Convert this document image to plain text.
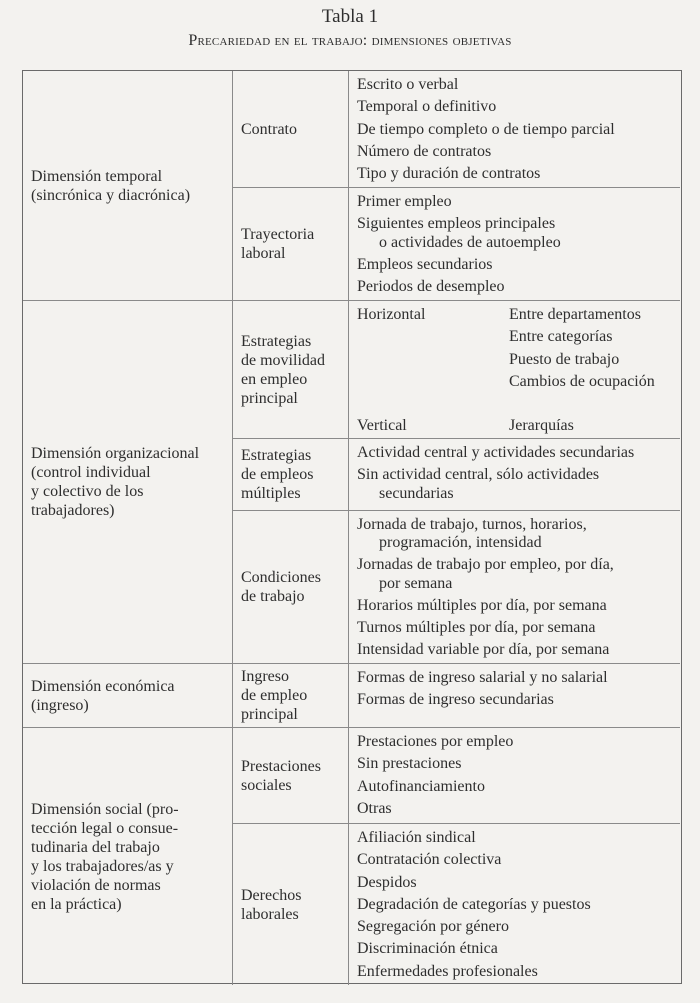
Tabla 1
Precariedad en el trabajo: dimensiones objetivas
Dimensión temporal
(sincrónica y diacrónica)
Contrato
Escrito o verbal
Temporal o definitivo
De tiempo completo o de tiempo parcial
Número de contratos
Tipo y duración de contratos
Trayectoria
laboral
Primer empleo
Siguientes empleos principales
o actividades de autoempleo
Empleos secundarios
Periodos de desempleo
Dimensión organizacional
(control individual
y colectivo de los
trabajadores)
Estrategias
de movilidad
en empleo
principal
Horizontal	Entre departamentos
Entre categorías
Puesto de trabajo
Cambios de ocupación
Vertical	Jerarquías
Estrategias
de empleos
múltiples
Actividad central y actividades secundarias
Sin actividad central, sólo actividades
secundarias
Condiciones
de trabajo
Jornada de trabajo, turnos, horarios,
programación, intensidad
Jornadas de trabajo por empleo, por día,
por semana
Horarios múltiples por día, por semana
Turnos múltiples por día, por semana
Intensidad variable por día, por semana
Dimensión económica
(ingreso)
Ingreso
de empleo
principal
Formas de ingreso salarial y no salarial
Formas de ingreso secundarias
Dimensión social (pro-
tección legal o consue-
tudinaria del trabajo
y los trabajadores/as y
violación de normas
en la práctica)
Prestaciones
sociales
Prestaciones por empleo
Sin prestaciones
Autofinanciamiento
Otras
Derechos
laborales
Afiliación sindical
Contratación colectiva
Despidos
Degradación de categorías y puestos
Segregación por género
Discriminación étnica
Enfermedades profesionales
